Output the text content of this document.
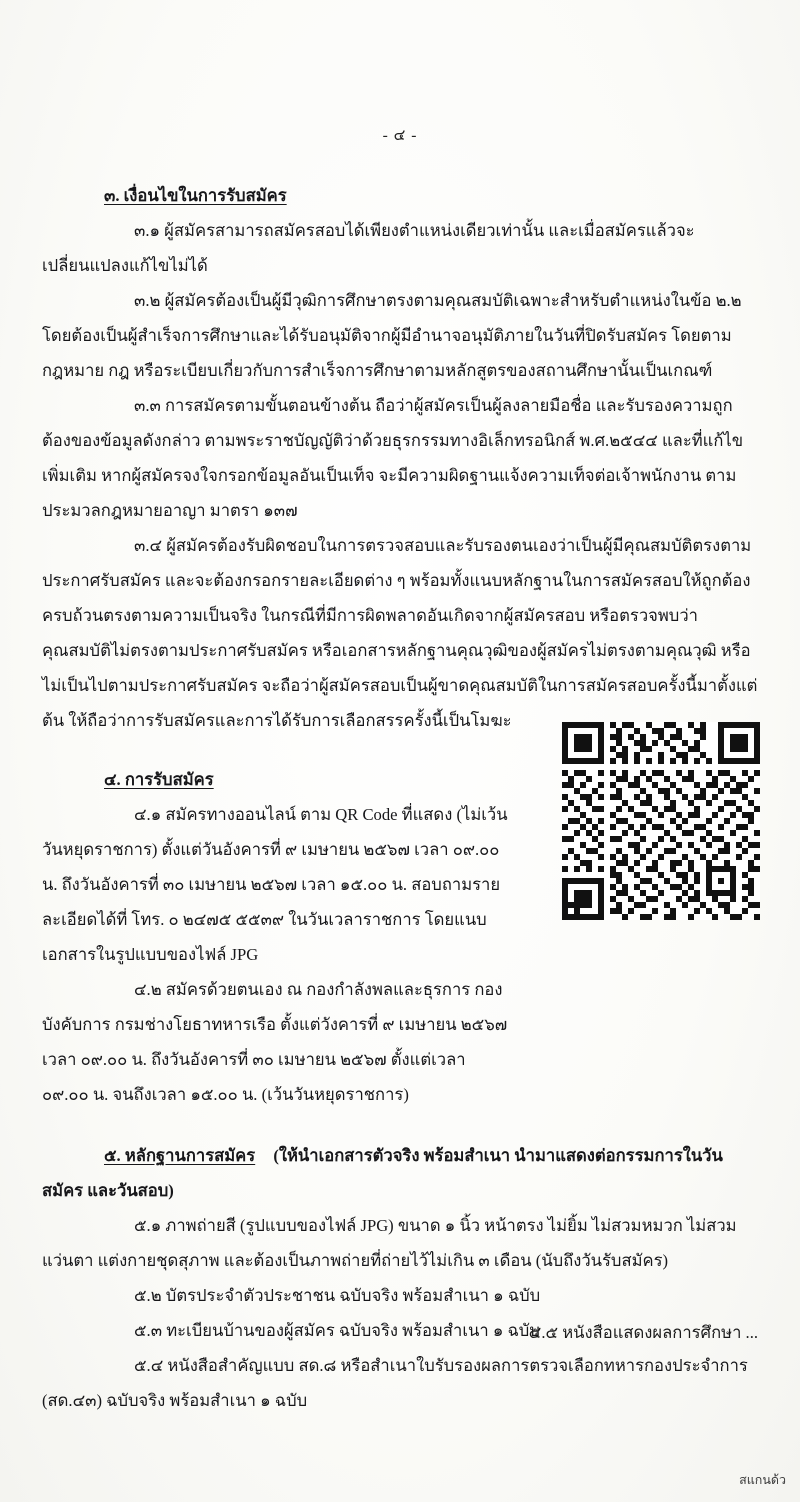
- ๔ -

๓. เงื่อนไขในการรับสมัคร

๓.๑ ผู้สมัครสามารถสมัครสอบได้เพียงตำแหน่งเดียวเท่านั้น และเมื่อสมัครแล้วจะเปลี่ยนแปลงแก้ไขไม่ได้

๓.๒ ผู้สมัครต้องเป็นผู้มีวุฒิการศึกษาตรงตามคุณสมบัติเฉพาะสำหรับตำแหน่งในข้อ ๒.๒ โดยต้องเป็นผู้สำเร็จการศึกษาและได้รับอนุมัติจากผู้มีอำนาจอนุมัติภายในวันที่ปิดรับสมัคร โดยตามกฎหมาย กฎ หรือระเบียบเกี่ยวกับการสำเร็จการศึกษาตามหลักสูตรของสถานศึกษานั้นเป็นเกณฑ์

๓.๓ การสมัครตามขั้นตอนข้างต้น ถือว่าผู้สมัครเป็นผู้ลงลายมือชื่อ และรับรองความถูกต้องของข้อมูลดังกล่าว ตามพระราชบัญญัติว่าด้วยธุรกรรมทางอิเล็กทรอนิกส์ พ.ศ.๒๕๔๔ และที่แก้ไขเพิ่มเติม หากผู้สมัครจงใจกรอกข้อมูลอันเป็นเท็จ จะมีความผิดฐานแจ้งความเท็จต่อเจ้าพนักงาน ตามประมวลกฎหมายอาญา มาตรา ๑๓๗

๓.๔ ผู้สมัครต้องรับผิดชอบในการตรวจสอบและรับรองตนเองว่าเป็นผู้มีคุณสมบัติตรงตามประกาศรับสมัคร และจะต้องกรอกรายละเอียดต่าง ๆ พร้อมทั้งแนบหลักฐานในการสมัครสอบให้ถูกต้องครบถ้วนตรงตามความเป็นจริง ในกรณีที่มีการผิดพลาดอันเกิดจากผู้สมัครสอบ หรือตรวจพบว่าคุณสมบัติไม่ตรงตามประกาศรับสมัคร หรือเอกสารหลักฐานคุณวุฒิของผู้สมัครไม่ตรงตามคุณวุฒิ หรือไม่เป็นไปตามประกาศรับสมัคร จะถือว่าผู้สมัครสอบเป็นผู้ขาดคุณสมบัติในการสมัครสอบครั้งนี้มาตั้งแต่ต้น ให้ถือว่าการรับสมัครและการได้รับการเลือกสรรครั้งนี้เป็นโมฆะ

๔. การรับสมัคร

๔.๑ สมัครทางออนไลน์ ตาม QR Code ที่แสดง (ไม่เว้นวันหยุดราชการ) ตั้งแต่วันอังคารที่ ๙ เมษายน ๒๕๖๗ เวลา ๐๙.๐๐ น. ถึงวันอังคารที่ ๓๐ เมษายน ๒๕๖๗ เวลา ๑๕.๐๐ น. สอบถามรายละเอียดได้ที่ โทร. ๐ ๒๔๗๕ ๕๕๓๙ ในวันเวลาราชการ โดยแนบเอกสารในรูปแบบของไฟล์ JPG

๔.๒ สมัครด้วยตนเอง ณ กองกำลังพลและธุรการ กองบังคับการ กรมช่างโยธาทหารเรือ ตั้งแต่วังคารที่ ๙ เมษายน ๒๕๖๗ เวลา ๐๙.๐๐ น. ถึงวันอังคารที่ ๓๐ เมษายน ๒๕๖๗ ตั้งแต่เวลา ๐๙.๐๐ น. จนถึงเวลา ๑๕.๐๐ น. (เว้นวันหยุดราชการ)

๕. หลักฐานการสมัคร (ให้นำเอกสารตัวจริง พร้อมสำเนา นำมาแสดงต่อกรรมการในวันสมัคร และวันสอบ)

๕.๑ ภาพถ่ายสี (รูปแบบของไฟล์ JPG) ขนาด ๑ นิ้ว หน้าตรง ไม่ยิ้ม ไม่สวมหมวก ไม่สวมแว่นตา แต่งกายชุดสุภาพ และต้องเป็นภาพถ่ายที่ถ่ายไว้ไม่เกิน ๓ เดือน (นับถึงวันรับสมัคร)

๕.๒ บัตรประจำตัวประชาชน ฉบับจริง พร้อมสำเนา ๑ ฉบับ

๕.๓ ทะเบียนบ้านของผู้สมัคร ฉบับจริง พร้อมสำเนา ๑ ฉบับ

๕.๔ หนังสือสำคัญแบบ สด.๘ หรือสำเนาใบรับรองผลการตรวจเลือกทหารกองประจำการ (สด.๔๓) ฉบับจริง พร้อมสำเนา ๑ ฉบับ

๕.๕ หนังสือแสดงผลการศึกษา ...
สแกนด้ว
